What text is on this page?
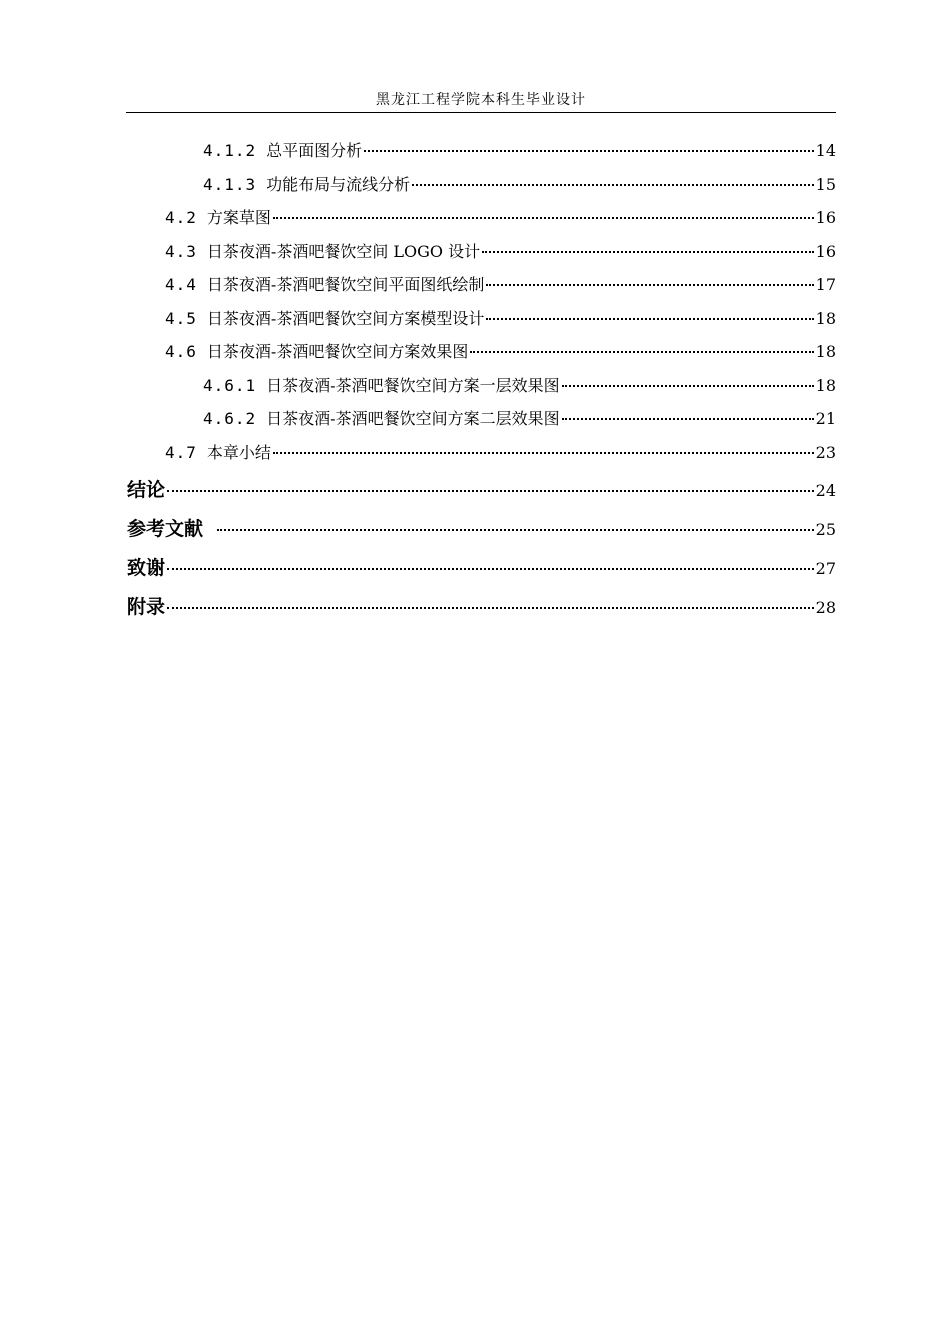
黑龙江工程学院本科生毕业设计
4.1.2 总平面图分析	14
4.1.3 功能布局与流线分析	15
4.2 方案草图	16
4.3 日茶夜酒-茶酒吧餐饮空间 LOGO 设计	16
4.4 日茶夜酒-茶酒吧餐饮空间平面图纸绘制	17
4.5 日茶夜酒-茶酒吧餐饮空间方案模型设计	18
4.6 日茶夜酒-茶酒吧餐饮空间方案效果图	18
4.6.1 日茶夜酒-茶酒吧餐饮空间方案一层效果图	18
4.6.2 日茶夜酒-茶酒吧餐饮空间方案二层效果图	21
4.7 本章小结	23
结论	24
参考文献	25
致谢	27
附录	28
